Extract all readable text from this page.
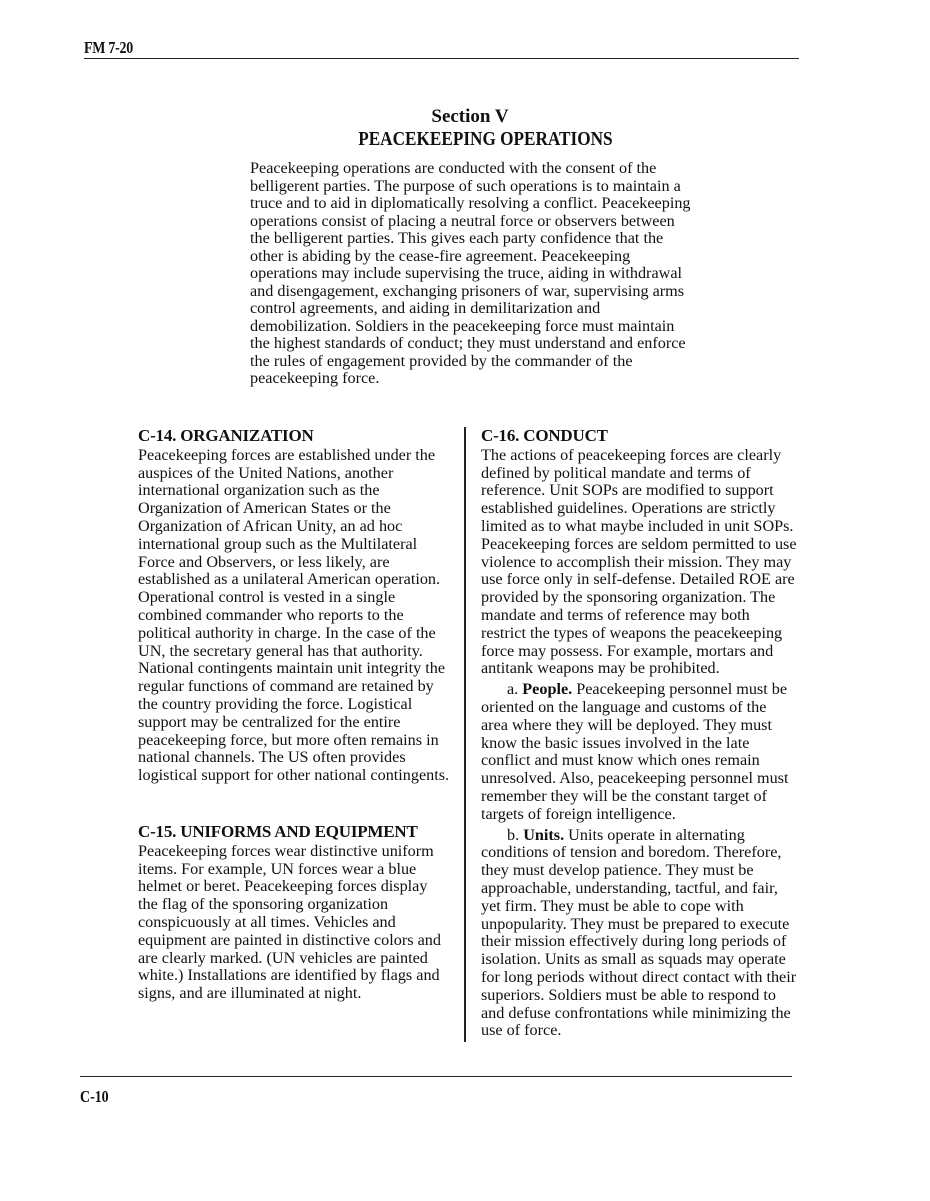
FM 7-20
Section V
PEACEKEEPING OPERATIONS

Peacekeeping operations are conducted with the consent of the belligerent parties. The purpose of such operations is to maintain a truce and to aid in diplomatically resolving a conflict. Peacekeeping operations consist of placing a neutral force or observers between the belligerent parties. This gives each party confidence that the other is abiding by the cease-fire agreement. Peacekeeping operations may include supervising the truce, aiding in withdrawal and disengagement, exchanging prisoners of war, supervising arms control agreements, and aiding in demilitarization and demobilization. Soldiers in the peacekeeping force must maintain the highest standards of conduct; they must understand and enforce the rules of engagement provided by the commander of the peacekeeping force.

C-14. ORGANIZATION

Peacekeeping forces are established under the auspices of the United Nations, another international organization such as the Organization of American States or the Organization of African Unity, an ad hoc international group such as the Multilateral Force and Observers, or less likely, are established as a unilateral American operation. Operational control is vested in a single combined commander who reports to the political authority in charge. In the case of the UN, the secretary general has that authority. National contingents maintain unit integrity the regular functions of command are retained by the country providing the force. Logistical support may be centralized for the entire peacekeeping force, but more often remains in national channels. The US often provides logistical support for other national contingents.

C-15. UNIFORMS AND EQUIPMENT

Peacekeeping forces wear distinctive uniform items. For example, UN forces wear a blue helmet or beret. Peacekeeping forces display the flag of the sponsoring organization conspicuously at all times. Vehicles and equipment are painted in distinctive colors and are clearly marked. (UN vehicles are painted white.) Installations are identified by flags and signs, and are illuminated at night.

C-16. CONDUCT

The actions of peacekeeping forces are clearly defined by political mandate and terms of reference. Unit SOPs are modified to support established guidelines. Operations are strictly limited as to what maybe included in unit SOPs. Peacekeeping forces are seldom permitted to use violence to accomplish their mission. They may use force only in self-defense. Detailed ROE are provided by the sponsoring organization. The mandate and terms of reference may both restrict the types of weapons the peacekeeping force may possess. For example, mortars and antitank weapons may be prohibited.

a. People. Peacekeeping personnel must be oriented on the language and customs of the area where they will be deployed. They must know the basic issues involved in the late conflict and must know which ones remain unresolved. Also, peacekeeping personnel must remember they will be the constant target of targets of foreign intelligence.

b. Units. Units operate in alternating conditions of tension and boredom. Therefore, they must develop patience. They must be approachable, understanding, tactful, and fair, yet firm. They must be able to cope with unpopularity. They must be prepared to execute their mission effectively during long periods of isolation. Units as small as squads may operate for long periods without direct contact with their superiors. Soldiers must be able to respond to and defuse confrontations while minimizing the use of force.

C-10
